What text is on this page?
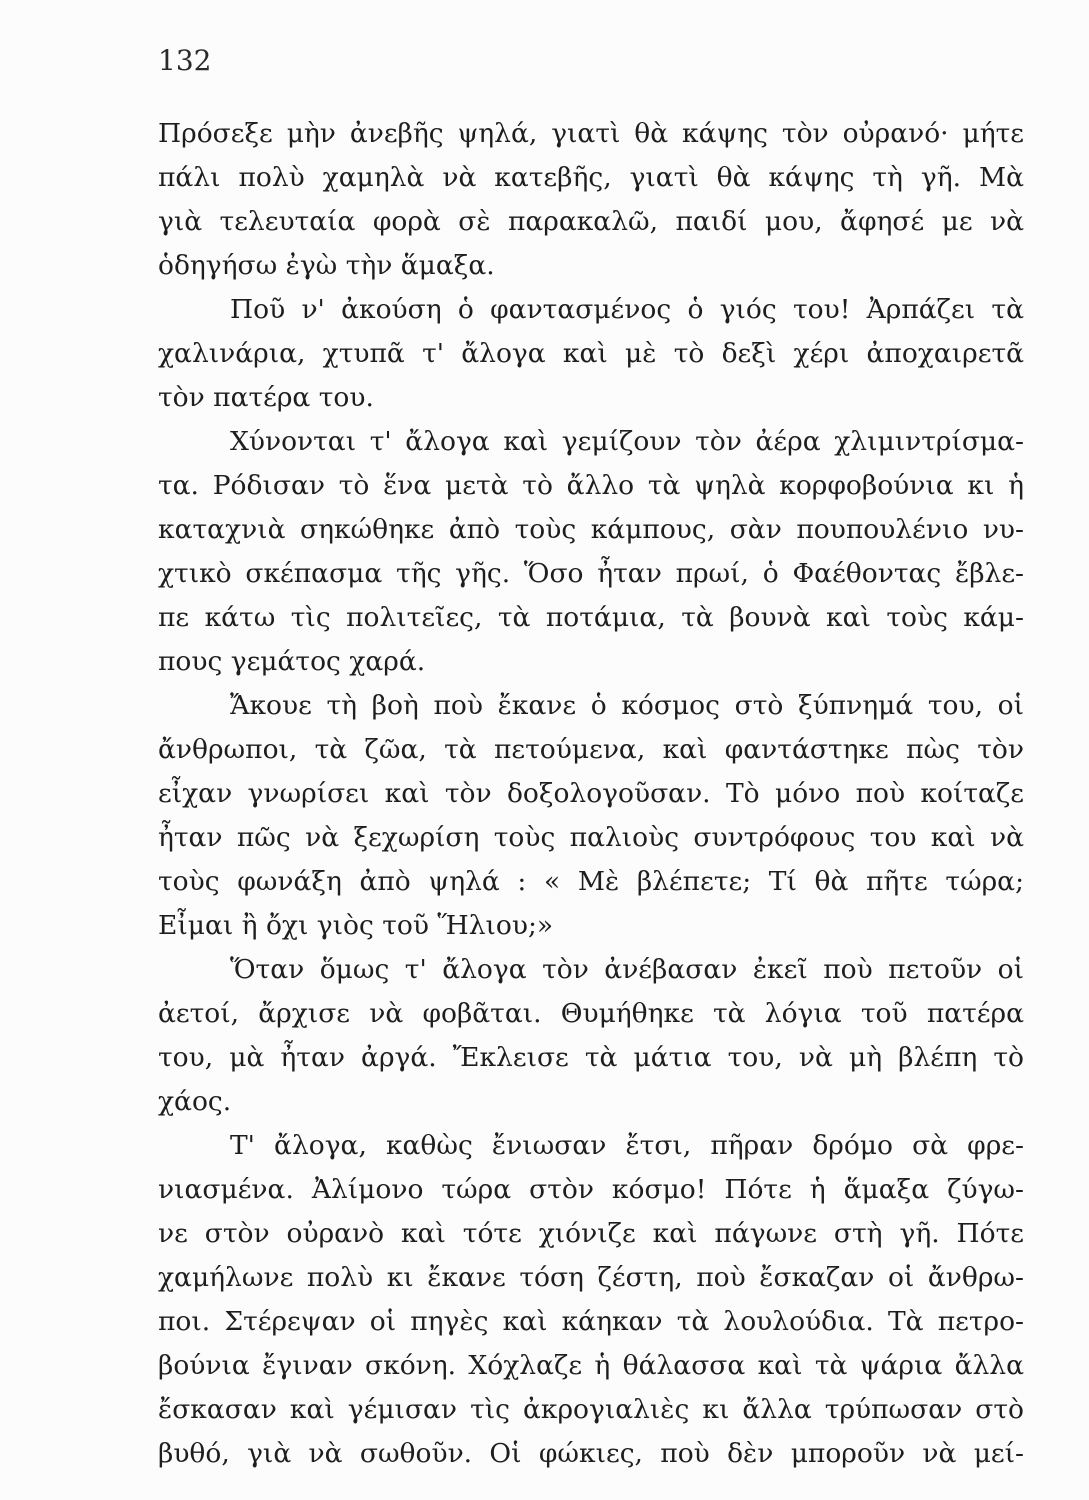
132
Πρόσεξε μὴν ἀνεβῆς ψηλά, γιατὶ θὰ κάψης τὸν οὐρανό· μήτε
πάλι πολὺ χαμηλὰ νὰ κατεβῆς, γιατὶ θὰ κάψης τὴ γῆ. Μὰ
γιὰ τελευταία φορὰ σὲ παρακαλῶ, παιδί μου, ἄφησέ με νὰ
ὁδηγήσω ἐγὼ τὴν ἅμαξα.
Ποῦ ν' ἀκούση ὁ φαντασμένος ὁ γιός του! Ἀρπάζει τὰ
χαλινάρια, χτυπᾶ τ' ἄλογα καὶ μὲ τὸ δεξὶ χέρι ἀποχαιρετᾶ
τὸν πατέρα του.
Χύνονται τ' ἄλογα καὶ γεμίζουν τὸν ἀέρα χλιμιντρίσμα-
τα. Ρόδισαν τὸ ἕνα μετὰ τὸ ἄλλο τὰ ψηλὰ κορφοβούνια κι ἡ
καταχνιὰ σηκώθηκε ἀπὸ τοὺς κάμπους, σὰν πουπουλένιο νυ-
χτικὸ σκέπασμα τῆς γῆς. Ὅσο ἦταν πρωί, ὁ Φαέθοντας ἔβλε-
πε κάτω τὶς πολιτεῖες, τὰ ποτάμια, τὰ βουνὰ καὶ τοὺς κάμ-
πους γεμάτος χαρά.
Ἄκουε τὴ βοὴ ποὺ ἔκανε ὁ κόσμος στὸ ξύπνημά του, οἱ
ἄνθρωποι, τὰ ζῶα, τὰ πετούμενα, καὶ φαντάστηκε πὼς τὸν
εἶχαν γνωρίσει καὶ τὸν δοξολογοῦσαν. Τὸ μόνο ποὺ κοίταζε
ἦταν πῶς νὰ ξεχωρίση τοὺς παλιοὺς συντρόφους του καὶ νὰ
τοὺς φωνάξη ἀπὸ ψηλά : « Μὲ βλέπετε; Τί θὰ πῆτε τώρα;
Εἶμαι ἢ ὄχι γιὸς τοῦ Ἥλιου;»
Ὅταν ὅμως τ' ἄλογα τὸν ἀνέβασαν ἐκεῖ ποὺ πετοῦν οἱ
ἀετοί, ἄρχισε νὰ φοβᾶται. Θυμήθηκε τὰ λόγια τοῦ πατέρα
του, μὰ ἦταν ἀργά. Ἔκλεισε τὰ μάτια του, νὰ μὴ βλέπη τὸ
χάος.
Τ' ἄλογα, καθὼς ἔνιωσαν ἔτσι, πῆραν δρόμο σὰ φρε-
νιασμένα. Ἀλίμονο τώρα στὸν κόσμο! Πότε ἡ ἅμαξα ζύγω-
νε στὸν οὐρανὸ καὶ τότε χιόνιζε καὶ πάγωνε στὴ γῆ. Πότε
χαμήλωνε πολὺ κι ἔκανε τόση ζέστη, ποὺ ἔσκαζαν οἱ ἄνθρω-
ποι. Στέρεψαν οἱ πηγὲς καὶ κάηκαν τὰ λουλούδια. Τὰ πετρο-
βούνια ἔγιναν σκόνη. Χόχλαζε ἡ θάλασσα καὶ τὰ ψάρια ἄλλα
ἔσκασαν καὶ γέμισαν τὶς ἀκρογιαλιὲς κι ἄλλα τρύπωσαν στὸ
βυθό, γιὰ νὰ σωθοῦν. Οἱ φώκιες, ποὺ δὲν μποροῦν νὰ μεί-
